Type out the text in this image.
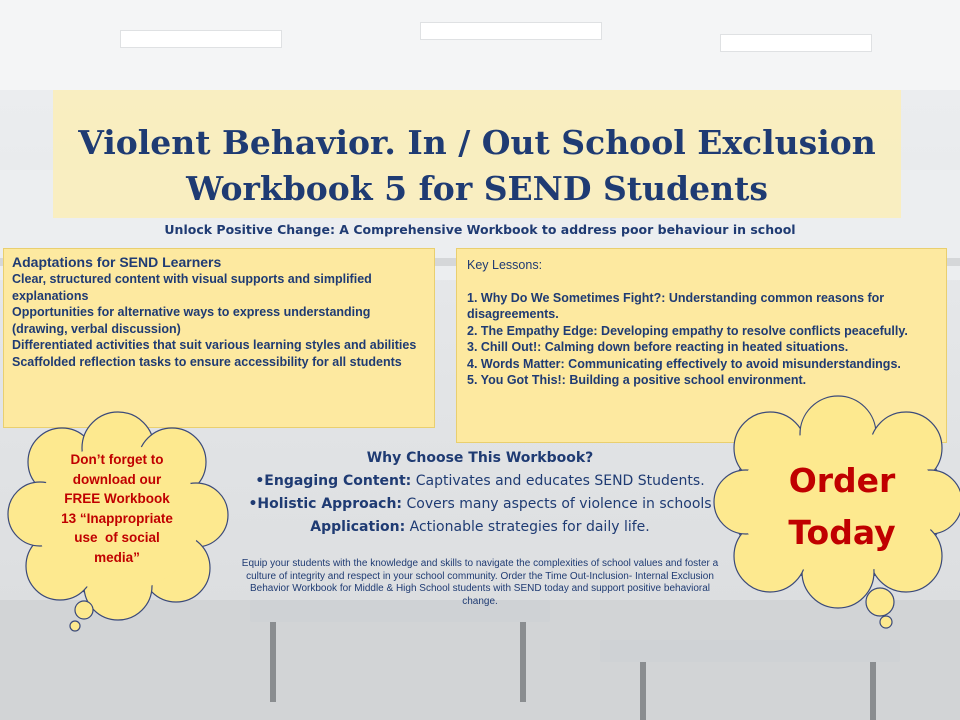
Violent Behavior. In / Out School Exclusion
Workbook 5 for SEND Students
Unlock Positive Change: A Comprehensive Workbook to address poor behaviour in school
Adaptations for SEND Learners
Clear, structured content with visual supports and simplified explanations
Opportunities for alternative ways to express understanding (drawing, verbal discussion)
Differentiated activities that suit various learning styles and abilities
Scaffolded reflection tasks to ensure accessibility for all students
Key Lessons:
1. Why Do We Sometimes Fight?: Understanding common reasons for disagreements.
2. The Empathy Edge: Developing empathy to resolve conflicts peacefully.
3. Chill Out!: Calming down before reacting in heated situations.
4. Words Matter: Communicating effectively to avoid misunderstandings.
5. You Got This!: Building a positive school environment.
Why Choose This Workbook?
•Engaging Content: Captivates and educates SEND Students.
•Holistic Approach: Covers many aspects of violence in schools
Application: Actionable strategies for daily life.
Equip your students with the knowledge and skills to navigate the complexities of school values and foster a culture of integrity and respect in your school community. Order the Time Out-Inclusion- Internal Exclusion Behavior Workbook for Middle & High School students with SEND today and support positive behavioral change.
Don’t forget to
download our
FREE Workbook
13 “Inappropriate
use  of social
media”
Order
Today
